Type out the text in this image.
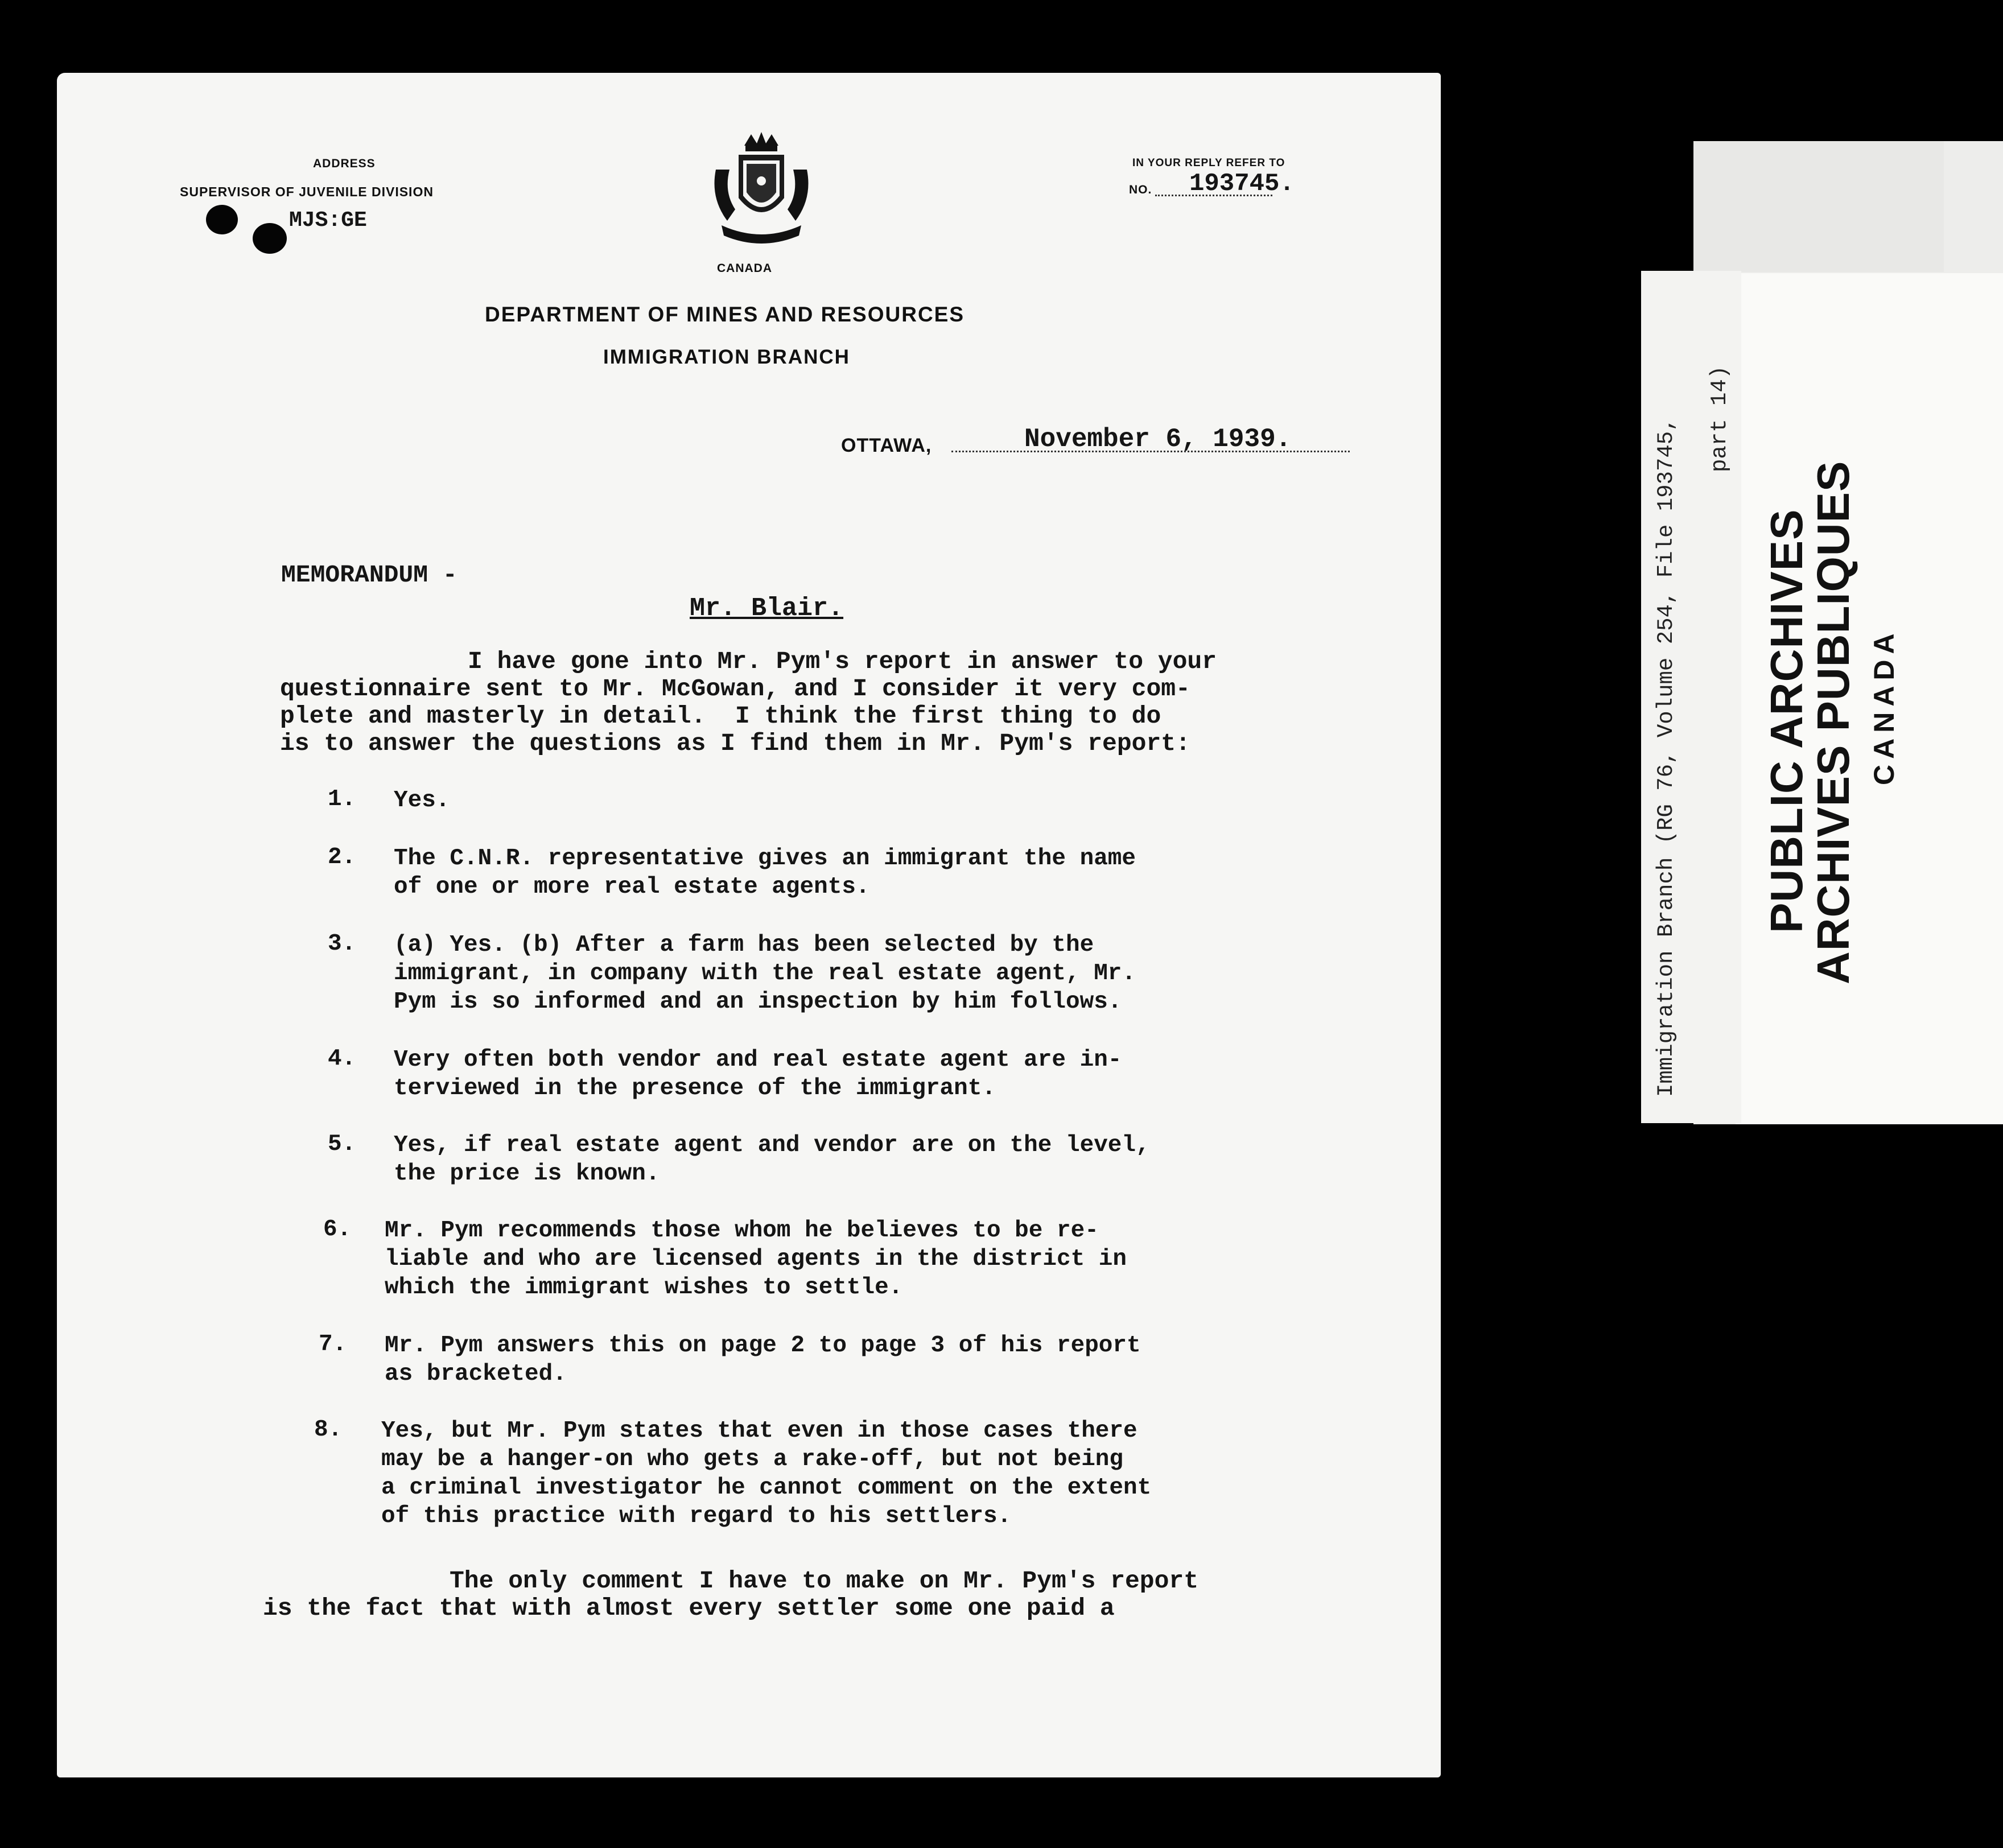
ADDRESS
SUPERVISOR OF JUVENILE DIVISION
MJS:GE
CANADA
IN YOUR REPLY REFER TO
NO. 193745.
DEPARTMENT OF MINES AND RESOURCES
IMMIGRATION BRANCH
OTTAWA,	November 6, 1939.
MEMORANDUM -
Mr. Blair.
I have gone into Mr. Pym's report in answer to your
questionnaire sent to Mr. McGowan, and I consider it very com-
plete and masterly in detail.  I think the first thing to do
is to answer the questions as I find them in Mr. Pym's report:
1. Yes.
2. The C.N.R. representative gives an immigrant the name
of one or more real estate agents.
3. (a) Yes. (b) After a farm has been selected by the
immigrant, in company with the real estate agent, Mr.
Pym is so informed and an inspection by him follows.
4. Very often both vendor and real estate agent are in-
terviewed in the presence of the immigrant.
5. Yes, if real estate agent and vendor are on the level,
the price is known.
6. Mr. Pym recommends those whom he believes to be re-
liable and who are licensed agents in the district in
which the immigrant wishes to settle.
7. Mr. Pym answers this on page 2 to page 3 of his report
as bracketed.
8. Yes, but Mr. Pym states that even in those cases there
may be a hanger-on who gets a rake-off, but not being
a criminal investigator he cannot comment on the extent
of this practice with regard to his settlers.
The only comment I have to make on Mr. Pym's report
is the fact that with almost every settler some one paid a
Immigration Branch (RG 76, Volume 254, File 193745, part 14)
PUBLIC ARCHIVES
ARCHIVES PUBLIQUES CANADA
